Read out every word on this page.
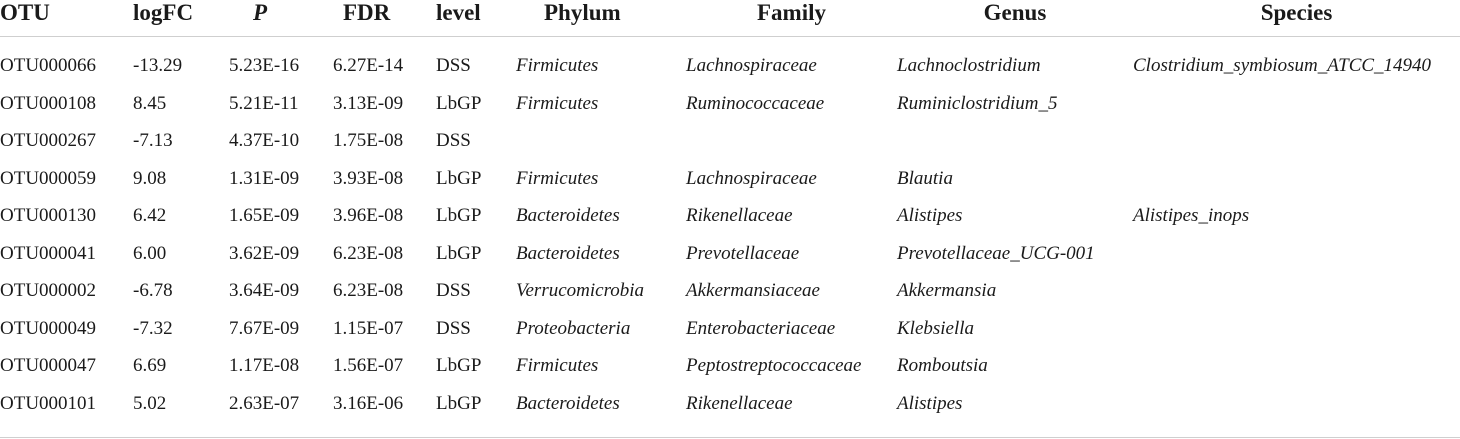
OTU	logFC	P	FDR	level	Phylum	Family	Genus	Species
OTU000066	-13.29	5.23E-16	6.27E-14	DSS	Firmicutes	Lachnospiraceae	Lachnoclostridium	Clostridium_symbiosum_ATCC_14940
OTU000108	8.45	5.21E-11	3.13E-09	LbGP	Firmicutes	Ruminococcaceae	Ruminiclostridium_5	
OTU000267	-7.13	4.37E-10	1.75E-08	DSS				
OTU000059	9.08	1.31E-09	3.93E-08	LbGP	Firmicutes	Lachnospiraceae	Blautia	
OTU000130	6.42	1.65E-09	3.96E-08	LbGP	Bacteroidetes	Rikenellaceae	Alistipes	Alistipes_inops
OTU000041	6.00	3.62E-09	6.23E-08	LbGP	Bacteroidetes	Prevotellaceae	Prevotellaceae_UCG-001	
OTU000002	-6.78	3.64E-09	6.23E-08	DSS	Verrucomicrobia	Akkermansiaceae	Akkermansia	
OTU000049	-7.32	7.67E-09	1.15E-07	DSS	Proteobacteria	Enterobacteriaceae	Klebsiella	
OTU000047	6.69	1.17E-08	1.56E-07	LbGP	Firmicutes	Peptostreptococcaceae	Romboutsia	
OTU000101	5.02	2.63E-07	3.16E-06	LbGP	Bacteroidetes	Rikenellaceae	Alistipes	
